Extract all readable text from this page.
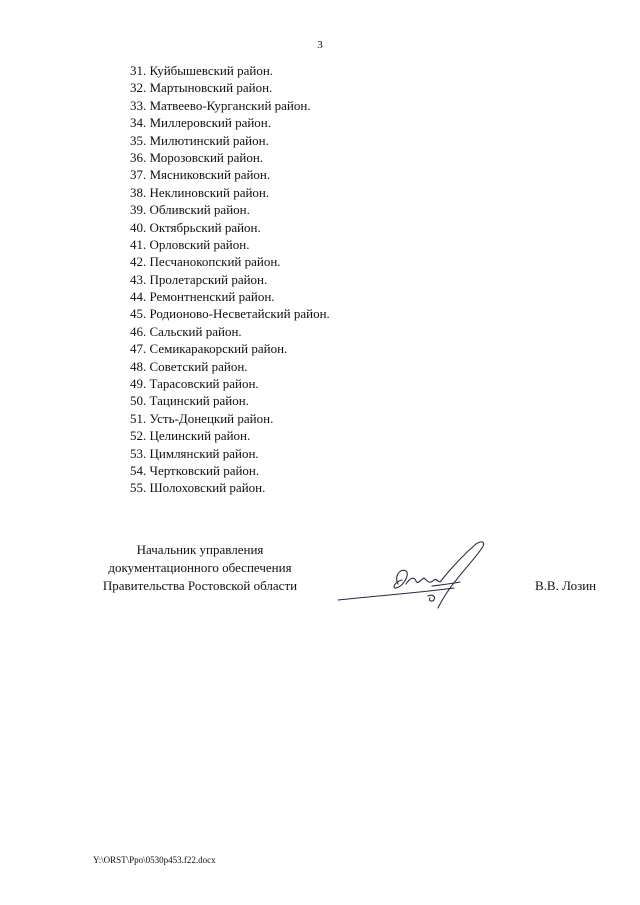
3
31. Куйбышевский район.
32. Мартыновский район.
33. Матвеево-Курганский район.
34. Миллеровский район.
35. Милютинский район.
36. Морозовский район.
37. Мясниковский район.
38. Неклиновский район.
39. Обливский район.
40. Октябрьский район.
41. Орловский район.
42. Песчанокопский район.
43. Пролетарский район.
44. Ремонтненский район.
45. Родионово-Несветайский район.
46. Сальский район.
47. Семикаракорский район.
48. Советский район.
49. Тарасовский район.
50. Тацинский район.
51. Усть-Донецкий район.
52. Целинский район.
53. Цимлянский район.
54. Чертковский район.
55. Шолоховский район.
Начальник управления
документационного обеспечения
Правительства Ростовской области	В.В. Лозин
Y:\ORST\Ppo\0530p453.f22.docx
